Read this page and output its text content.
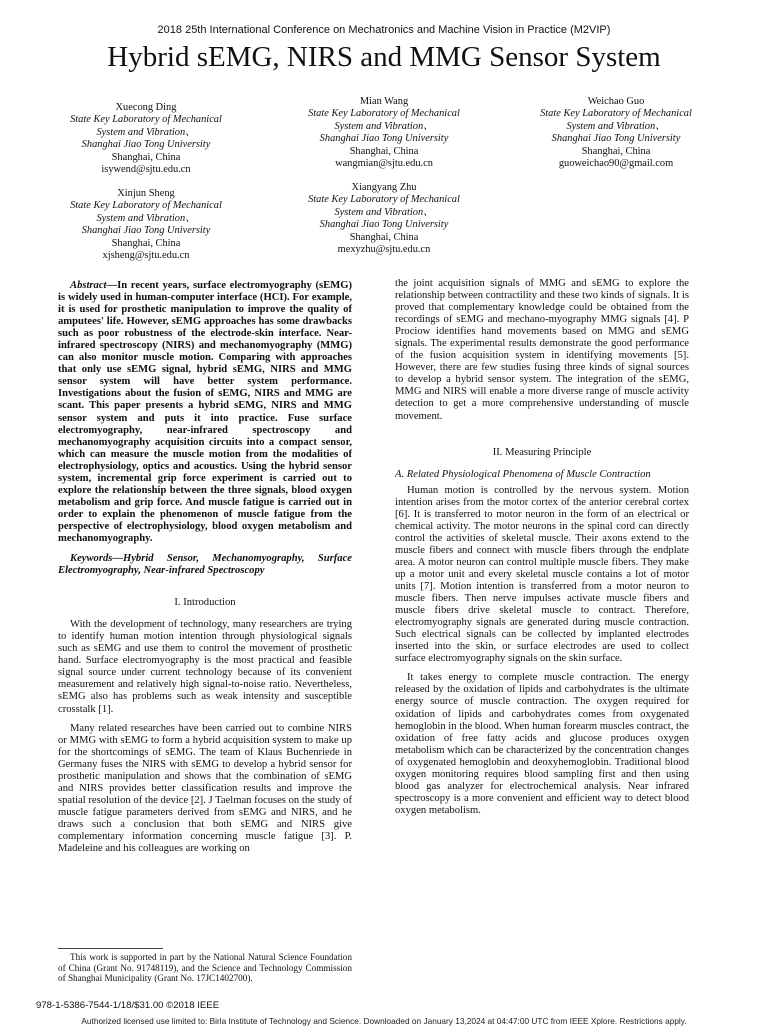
2018 25th International Conference on Mechatronics and Machine Vision in Practice (M2VIP)
Hybrid sEMG, NIRS and MMG Sensor System
Xuecong Ding
State Key Laboratory of Mechanical
System and Vibration、
Shanghai Jiao Tong University
Shanghai, China
isywend@sjtu.edu.cn
Mian Wang
State Key Laboratory of Mechanical
System and Vibration、
Shanghai Jiao Tong University
Shanghai, China
wangmian@sjtu.edu.cn
Weichao Guo
State Key Laboratory of Mechanical
System and Vibration、
Shanghai Jiao Tong University
Shanghai, China
guoweichao90@gmail.com
Xinjun Sheng
State Key Laboratory of Mechanical
System and Vibration、
Shanghai Jiao Tong University
Shanghai, China
xjsheng@sjtu.edu.cn
Xiangyang Zhu
State Key Laboratory of Mechanical
System and Vibration、
Shanghai Jiao Tong University
Shanghai, China
mexyzhu@sjtu.edu.cn
Abstract—In recent years, surface electromyography (sEMG) is widely used in human-computer interface (HCI). For example, it is used for prosthetic manipulation to improve the quality of amputees' life. However, sEMG approaches has some drawbacks such as poor robustness of the electrode-skin interface. Near-infrared spectroscopy (NIRS) and mechanomyography (MMG) can also monitor muscle motion. Comparing with approaches that only use sEMG signal, hybrid sEMG, NIRS and MMG sensor system will have better system performance. Investigations about the fusion of sEMG, NIRS and MMG are scant. This paper presents a hybrid sEMG, NIRS and MMG sensor system and puts it into practice. Fuse surface electromyography, near-infrared spectroscopy and mechanomyography acquisition circuits into a compact sensor, which can measure the muscle motion from the modalities of electrophysiology, optics and acoustics. Using the hybrid sensor system, incremental grip force experiment is carried out to explore the relationship between the three signals, blood oxygen metabolism and grip force. And muscle fatigue is carried out in order to explain the phenomenon of muscle fatigue from the perspective of electrophysiology, blood oxygen metabolism and mechanomyography.
Keywords—Hybrid Sensor, Mechanomyography, Surface Electromyography, Near-infrared Spectroscopy
I. Introduction

With the development of technology, many researchers are trying to identify human motion intention through physiological signals such as sEMG and use them to control the movement of prosthetic hand. Surface electromyography is the most practical and feasible signal source under current technology because of its convenient measurement and relatively high signal-to-noise ratio. Nevertheless, sEMG also has problems such as weak intensity and susceptible crosstalk [1].

Many related researches have been carried out to combine NIRS or MMG with sEMG to form a hybrid acquisition system to make up for the shortcomings of sEMG. The team of Klaus Buchenriede in Germany fuses the NIRS with sEMG to develop a hybrid sensor for prosthetic manipulation and shows that the combination of sEMG and NIRS provides better classification results and improve the spatial resolution of the device [2]. J Taelman focuses on the study of muscle fatigue parameters derived from sEMG and NIRS, and he draws such a conclusion that both sEMG and NIRS give complementary information concerning muscle fatigue [3]. P. Madeleine and his colleagues are working on

the joint acquisition signals of MMG and sEMG to explore the relationship between contractility and these two kinds of signals. It is proved that complementary knowledge could be obtained from the recordings of sEMG and mechano-myography MMG signals [4]. P Prociow identifies hand movements based on MMG and sEMG signals. The experimental results demonstrate the good performance of the fusion acquisition system in identifying movements [5]. However, there are few studies fusing three kinds of signal sources to develop a hybrid sensor system. The integration of the sEMG, MMG and NIRS will enable a more diverse range of muscle activity detection to get a more comprehensive understanding of muscle movement.

II. Measuring Principle
A. Related Physiological Phenomena of Muscle Contraction

Human motion is controlled by the nervous system. Motion intention arises from the motor cortex of the anterior cerebral cortex [6]. It is transferred to motor neuron in the form of an electrical or chemical activity. The motor neurons in the spinal cord can directly control the activities of skeletal muscle. Their axons extend to the muscle fibers and connect with muscle fibers through the endplate area. A motor neuron can control multiple muscle fibers. They make up a motor unit and every skeletal muscle contains a lot of motor units [7]. Motion intention is transferred from a motor neuron to muscle fibers. Then nerve impulses activate muscle fibers and muscle fibers drive skeletal muscle to contract. Therefore, electromyography signals are generated during muscle contraction. Such electrical signals can be collected by implanted electrodes inserted into the skin, or surface electrodes are used to collect surface electromyography signals on the skin surface.

It takes energy to complete muscle contraction. The energy released by the oxidation of lipids and carbohydrates is the ultimate energy source of muscle contraction. The oxygen required for oxidation of lipids and carbohydrates comes from oxygenated hemoglobin in the blood. When human forearm muscles contract, the oxidation of free fatty acids and glucose produces oxygen metabolism which can be characterized by the concentration changes of oxygenated hemoglobin and deoxyhemoglobin. Traditional blood oxygen monitoring requires blood sampling first and then using blood gas analyzer for electrochemical analysis. Near infrared spectroscopy is a more convenient and efficient way to detect blood oxygen metabolism.

This work is supported in part by the National Natural Science Foundation of China (Grant No. 91748119), and the Science and Technology Commission of Shanghai Municipality (Grant No. 17JC1402700).
978-1-5386-7544-1/18/$31.00 ©2018 IEEE
Authorized licensed use limited to: Birla Institute of Technology and Science. Downloaded on January 13,2024 at 04:47:00 UTC from IEEE Xplore. Restrictions apply.
